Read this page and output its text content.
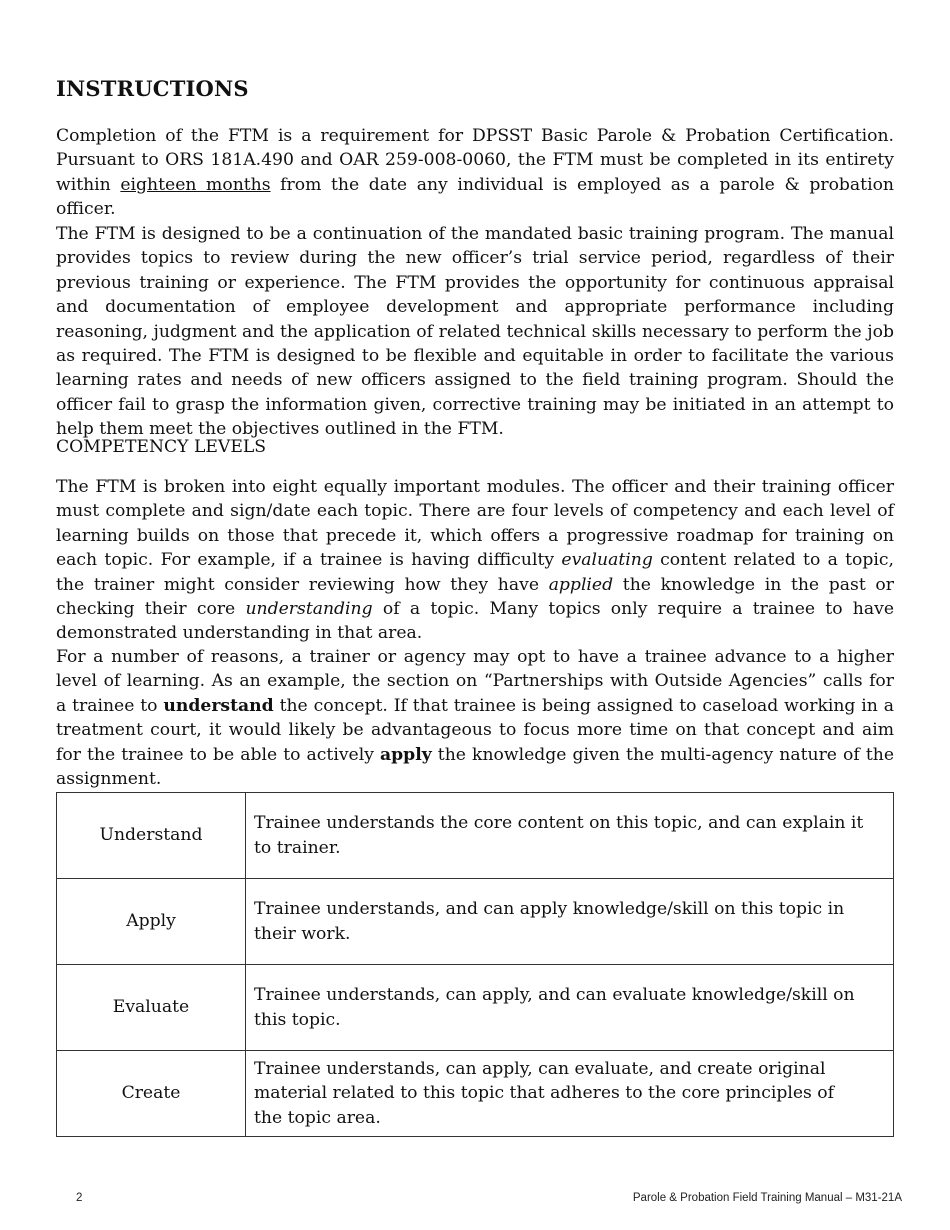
INSTRUCTIONS

Completion of the FTM is a requirement for DPSST Basic Parole & Probation Certification. Pursuant to ORS 181A.490 and OAR 259-008-0060, the FTM must be completed in its entirety within eighteen months from the date any individual is employed as a parole & probation officer.

The FTM is designed to be a continuation of the mandated basic training program. The manual provides topics to review during the new officer’s trial service period, regardless of their previous training or experience. The FTM provides the opportunity for continuous appraisal and documentation of employee development and appropriate performance including reasoning, judgment and the application of related technical skills necessary to perform the job as required. The FTM is designed to be flexible and equitable in order to facilitate the various learning rates and needs of new officers assigned to the field training program. Should the officer fail to grasp the information given, corrective training may be initiated in an attempt to help them meet the objectives outlined in the FTM.

COMPETENCY LEVELS

The FTM is broken into eight equally important modules. The officer and their training officer must complete and sign/date each topic. There are four levels of competency and each level of learning builds on those that precede it, which offers a progressive roadmap for training on each topic. For example, if a trainee is having difficulty evaluating content related to a topic, the trainer might consider reviewing how they have applied the knowledge in the past or checking their core understanding of a topic. Many topics only require a trainee to have demonstrated understanding in that area.

For a number of reasons, a trainer or agency may opt to have a trainee advance to a higher level of learning. As an example, the section on “Partnerships with Outside Agencies” calls for a trainee to understand the concept. If that trainee is being assigned to caseload working in a treatment court, it would likely be advantageous to focus more time on that concept and aim for the trainee to be able to actively apply the knowledge given the multi-agency nature of the assignment.

Understand	Trainee understands the core content on this topic, and can explain it to trainer.
Apply	Trainee understands, and can apply knowledge/skill on this topic in their work.
Evaluate	Trainee understands, can apply, and can evaluate knowledge/skill on this topic.
Create	Trainee understands, can apply, can evaluate, and create original material related to this topic that adheres to the core principles of the topic area.
2	Parole & Probation Field Training Manual – M31-21A
